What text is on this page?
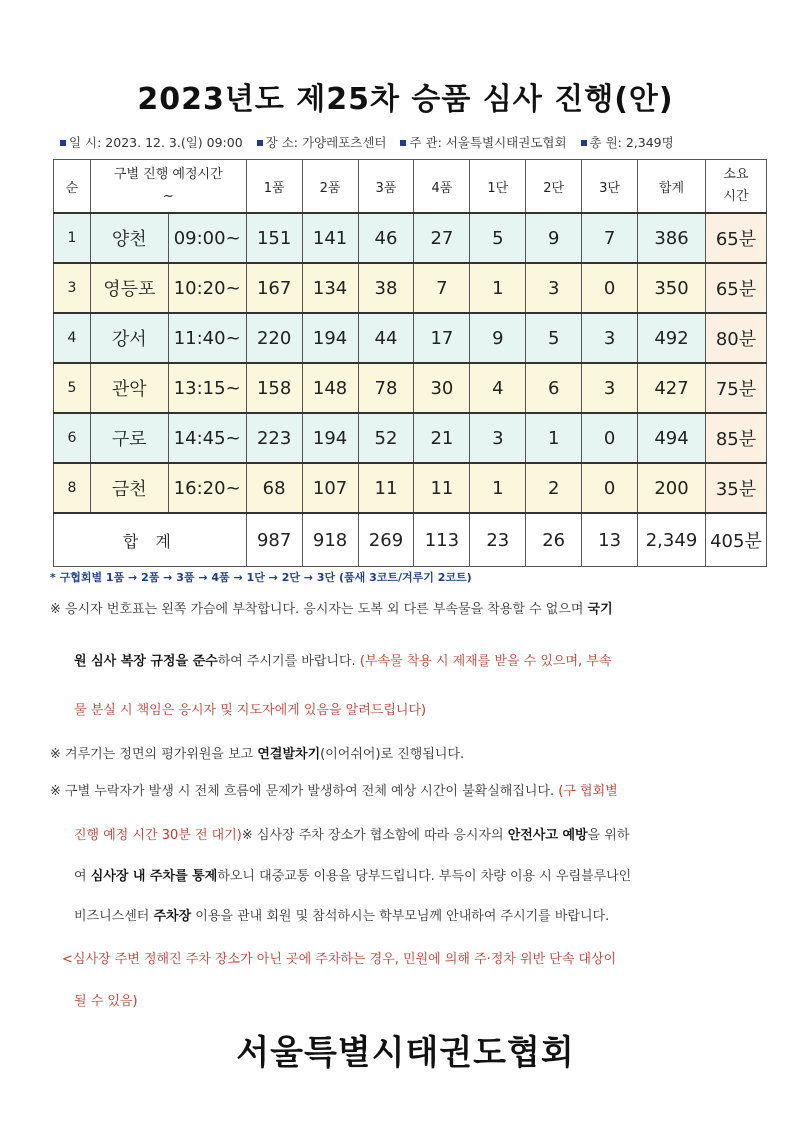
2023년도 제25차 승품 심사 진행(안)
일 시: 2023. 12. 3.(일) 09:00 장 소: 가양레포츠센터 주 관: 서울특별시태권도협회 총 원: 2,349명
순	구별 진행 예정시간
~		1품	2품	3품	4품	1단	2단	3단	합계	소요
시간

1	양천	09:00~	151	141	46	27	5	9	7	386	65분
3	영등포	10:20~	167	134	38	7	1	3	0	350	65분
4	강서	11:40~	220	194	44	17	9	5	3	492	80분
5	관악	13:15~	158	148	78	30	4	6	3	427	75분
6	구로	14:45~	223	194	52	21	3	1	0	494	85분
8	금천	16:20~	68	107	11	11	1	2	0	200	35분
합 계			987	918	269	113	23	26	13	2,349	405분
* 구협회별 1품 → 2품 → 3품 → 4품 → 1단 → 2단 → 3단 (품새 3코트/겨루기 2코트)
※ 응시자 번호표는 왼쪽 가슴에 부착합니다. 응시자는 도복 외 다른 부속물을 착용할 수 없으며 국기
원 심사 복장 규정을 준수하여 주시기를 바랍니다. (부속물 착용 시 제재를 받을 수 있으며, 부속
물 분실 시 책임은 응시자 및 지도자에게 있음을 알려드립니다)
※ 겨루기는 정면의 평가위원을 보고 연결발차기(이어쉬어)로 진행됩니다.
※ 구별 누락자가 발생 시 전체 흐름에 문제가 발생하여 전체 예상 시간이 불확실해집니다. (구 협회별
진행 예정 시간 30분 전 대기)※ 심사장 주차 장소가 협소함에 따라 응시자의 안전사고 예방을 위하
여 심사장 내 주차를 통제하오니 대중교통 이용을 당부드립니다. 부득이 차량 이용 시 우림블루나인
비즈니스센터 주차장 이용을 관내 회원 및 참석하시는 학부모님께 안내하여 주시기를 바랍니다.
<심사장 주변 정해진 주차 장소가 아닌 곳에 주차하는 경우, 민원에 의해 주·정차 위반 단속 대상이
될 수 있음)
서울특별시태권도협회
